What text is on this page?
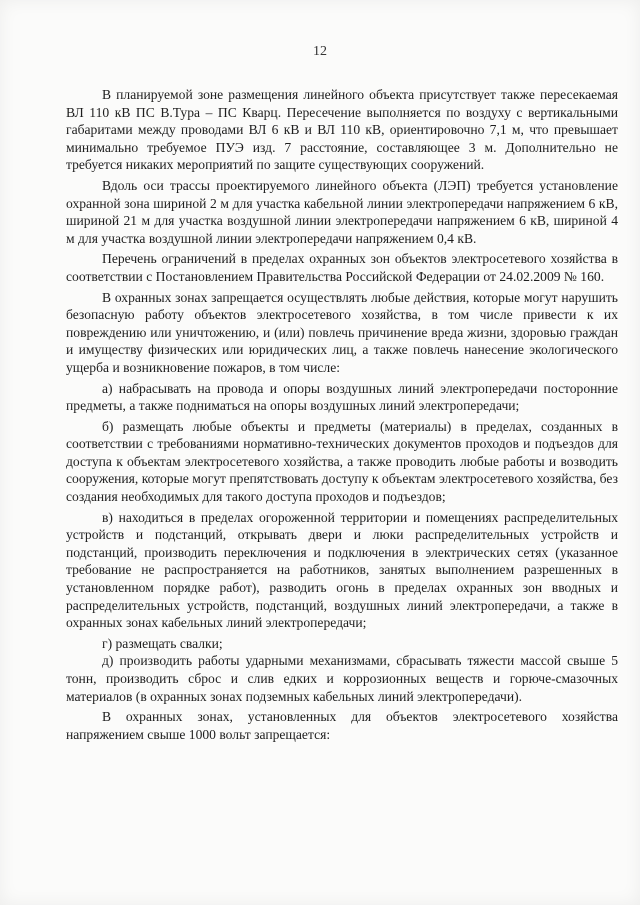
12

В планируемой зоне размещения линейного объекта присутствует также пересекаемая ВЛ 110 кВ ПС В.Тура – ПС Кварц. Пересечение выполняется по воздуху с вертикальными габаритами между проводами ВЛ 6 кВ и ВЛ 110 кВ, ориентировочно 7,1 м, что превышает минимально требуемое ПУЭ изд. 7 расстояние, составляющее 3 м. Дополнительно не требуется никаких мероприятий по защите существующих сооружений.

Вдоль оси трассы проектируемого линейного объекта (ЛЭП) требуется установление охранной зона шириной 2 м для участка кабельной линии электропередачи напряжением 6 кВ, шириной 21 м для участка воздушной линии электропередачи напряжением 6 кВ, шириной 4 м для участка воздушной линии электропередачи напряжением 0,4 кВ.

Перечень ограничений в пределах охранных зон объектов электросетевого хозяйства в соответствии с Постановлением Правительства Российской Федерации от 24.02.2009 № 160.

В охранных зонах запрещается осуществлять любые действия, которые могут нарушить безопасную работу объектов электросетевого хозяйства, в том числе привести к их повреждению или уничтожению, и (или) повлечь причинение вреда жизни, здоровью граждан и имуществу физических или юридических лиц, а также повлечь нанесение экологического ущерба и возникновение пожаров, в том числе:

а) набрасывать на провода и опоры воздушных линий электропередачи посторонние предметы, а также подниматься на опоры воздушных линий электропередачи;

б) размещать любые объекты и предметы (материалы) в пределах, созданных в соответствии с требованиями нормативно-технических документов проходов и подъездов для доступа к объектам электросетевого хозяйства, а также проводить любые работы и возводить сооружения, которые могут препятствовать доступу к объектам электросетевого хозяйства, без создания необходимых для такого доступа проходов и подъездов;

в) находиться в пределах огороженной территории и помещениях распределительных устройств и подстанций, открывать двери и люки распределительных устройств и подстанций, производить переключения и подключения в электрических сетях (указанное требование не распространяется на работников, занятых выполнением разрешенных в установленном порядке работ), разводить огонь в пределах охранных зон вводных и распределительных устройств, подстанций, воздушных линий электропередачи, а также в охранных зонах кабельных линий электропередачи;

г) размещать свалки;

д) производить работы ударными механизмами, сбрасывать тяжести массой свыше 5 тонн, производить сброс и слив едких и коррозионных веществ и горюче-смазочных материалов (в охранных зонах подземных кабельных линий электропередачи).

В охранных зонах, установленных для объектов электросетевого хозяйства напряжением свыше 1000 вольт запрещается:
